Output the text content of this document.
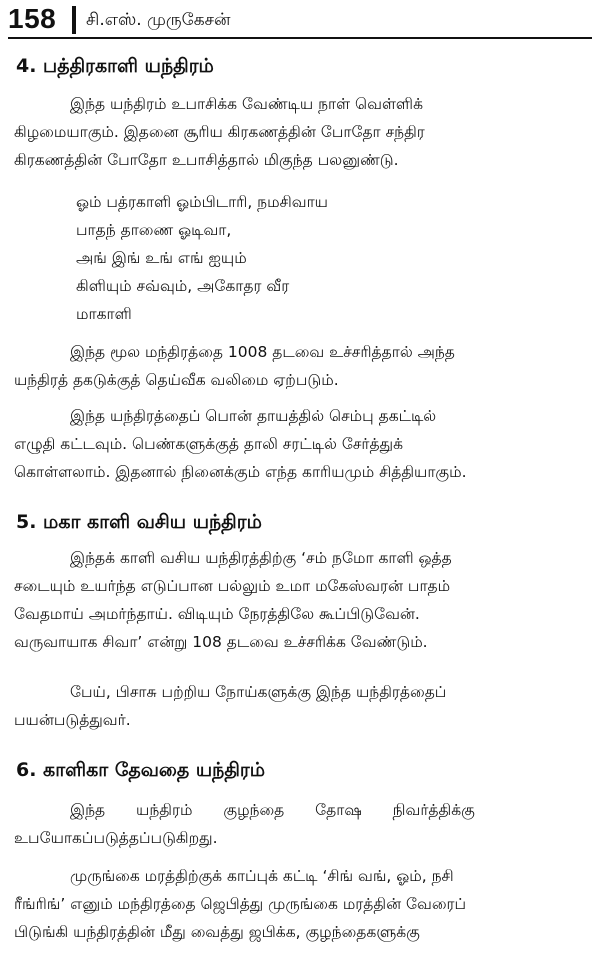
158 சி.எஸ். முருகேசன்
4. பத்திரகாளி யந்திரம்
இந்த யந்திரம் உபாசிக்க வேண்டிய நாள் வெள்ளிக்
கிழமையாகும். இதனை சூரிய கிரகணத்தின் போதோ சந்திர
கிரகணத்தின் போதோ உபாசித்தால் மிகுந்த பலனுண்டு.
ஓம் பத்ரகாளி ஓம்பிடாரி, நமசிவாய
பாதந் தாணை ஓடிவா,
அங் இங் உங் எங் ஐயும்
கிளியும் சவ்வும், அகோதர வீர
மாகாளி
இந்த மூல மந்திரத்தை 1008 தடவை உச்சரித்தால் அந்த
யந்திரத் தகடுக்குத் தெய்வீக வலிமை ஏற்படும்.
இந்த யந்திரத்தைப் பொன் தாயத்தில் செம்பு தகட்டில்
எழுதி கட்டவும். பெண்களுக்குத் தாலி சரட்டில் சேர்த்துக்
கொள்ளலாம். இதனால் நினைக்கும் எந்த காரியமும் சித்தியாகும்.
5. மகா காளி வசிய யந்திரம்
இந்தக் காளி வசிய யந்திரத்திற்கு ‘சம் நமோ காளி ஒத்த
சடையும் உயர்ந்த எடுப்பான பல்லும் உமா மகேஸ்வரன் பாதம்
வேதமாய் அமர்ந்தாய். விடியும் நேரத்திலே கூப்பிடுவேன்.
வருவாயாக சிவா’ என்று 108 தடவை உச்சரிக்க வேண்டும்.
பேய், பிசாசு பற்றிய நோய்களுக்கு இந்த யந்திரத்தைப்
பயன்படுத்துவர்.
6. காளிகா தேவதை யந்திரம்
இந்த யந்திரம் குழந்தை தோஷ நிவர்த்திக்கு
உபயோகப்படுத்தப்படுகிறது.
முருங்கை மரத்திற்குக் காப்புக் கட்டி ‘சிங் வங், ஓம், நசி
ரீங்ரிங்’ எனும் மந்திரத்தை ஜெபித்து முருங்கை மரத்தின் வேரைப்
பிடுங்கி யந்திரத்தின் மீது வைத்து ஜபிக்க, குழந்தைகளுக்கு
